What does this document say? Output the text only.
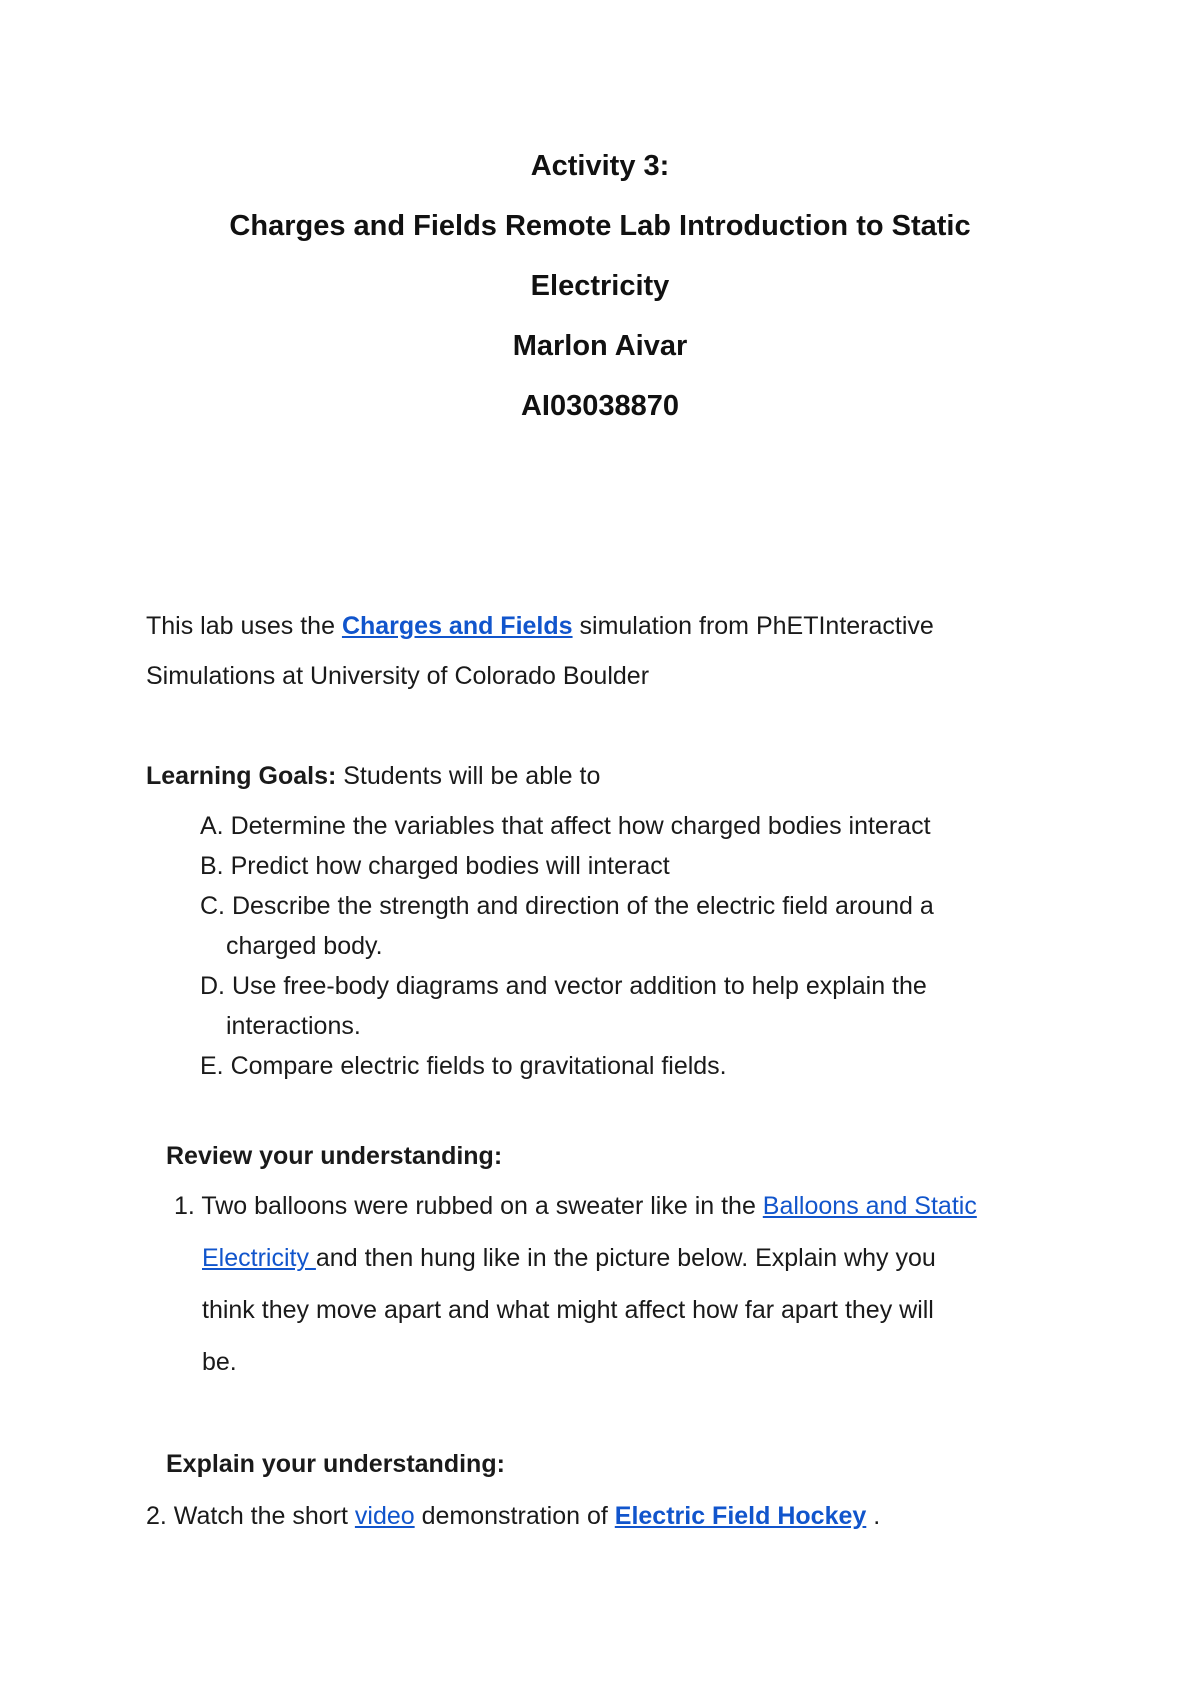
Activity 3:
Charges and Fields Remote Lab Introduction to Static
Electricity
Marlon Aivar
AI03038870
This lab uses the Charges and Fields simulation from PhETInteractive
Simulations at University of Colorado Boulder
Learning Goals: Students will be able to
A. Determine the variables that affect how charged bodies interact
B. Predict how charged bodies will interact
C. Describe the strength and direction of the electric field around a
charged body.
D. Use free-body diagrams and vector addition to help explain the
interactions.
E. Compare electric fields to gravitational fields.
Review your understanding:
1. Two balloons were rubbed on a sweater like in the Balloons and Static
Electricity and then hung like in the picture below. Explain why you
think they move apart and what might affect how far apart they will
be.
Explain your understanding:
2. Watch the short video demonstration of Electric Field Hockey .
